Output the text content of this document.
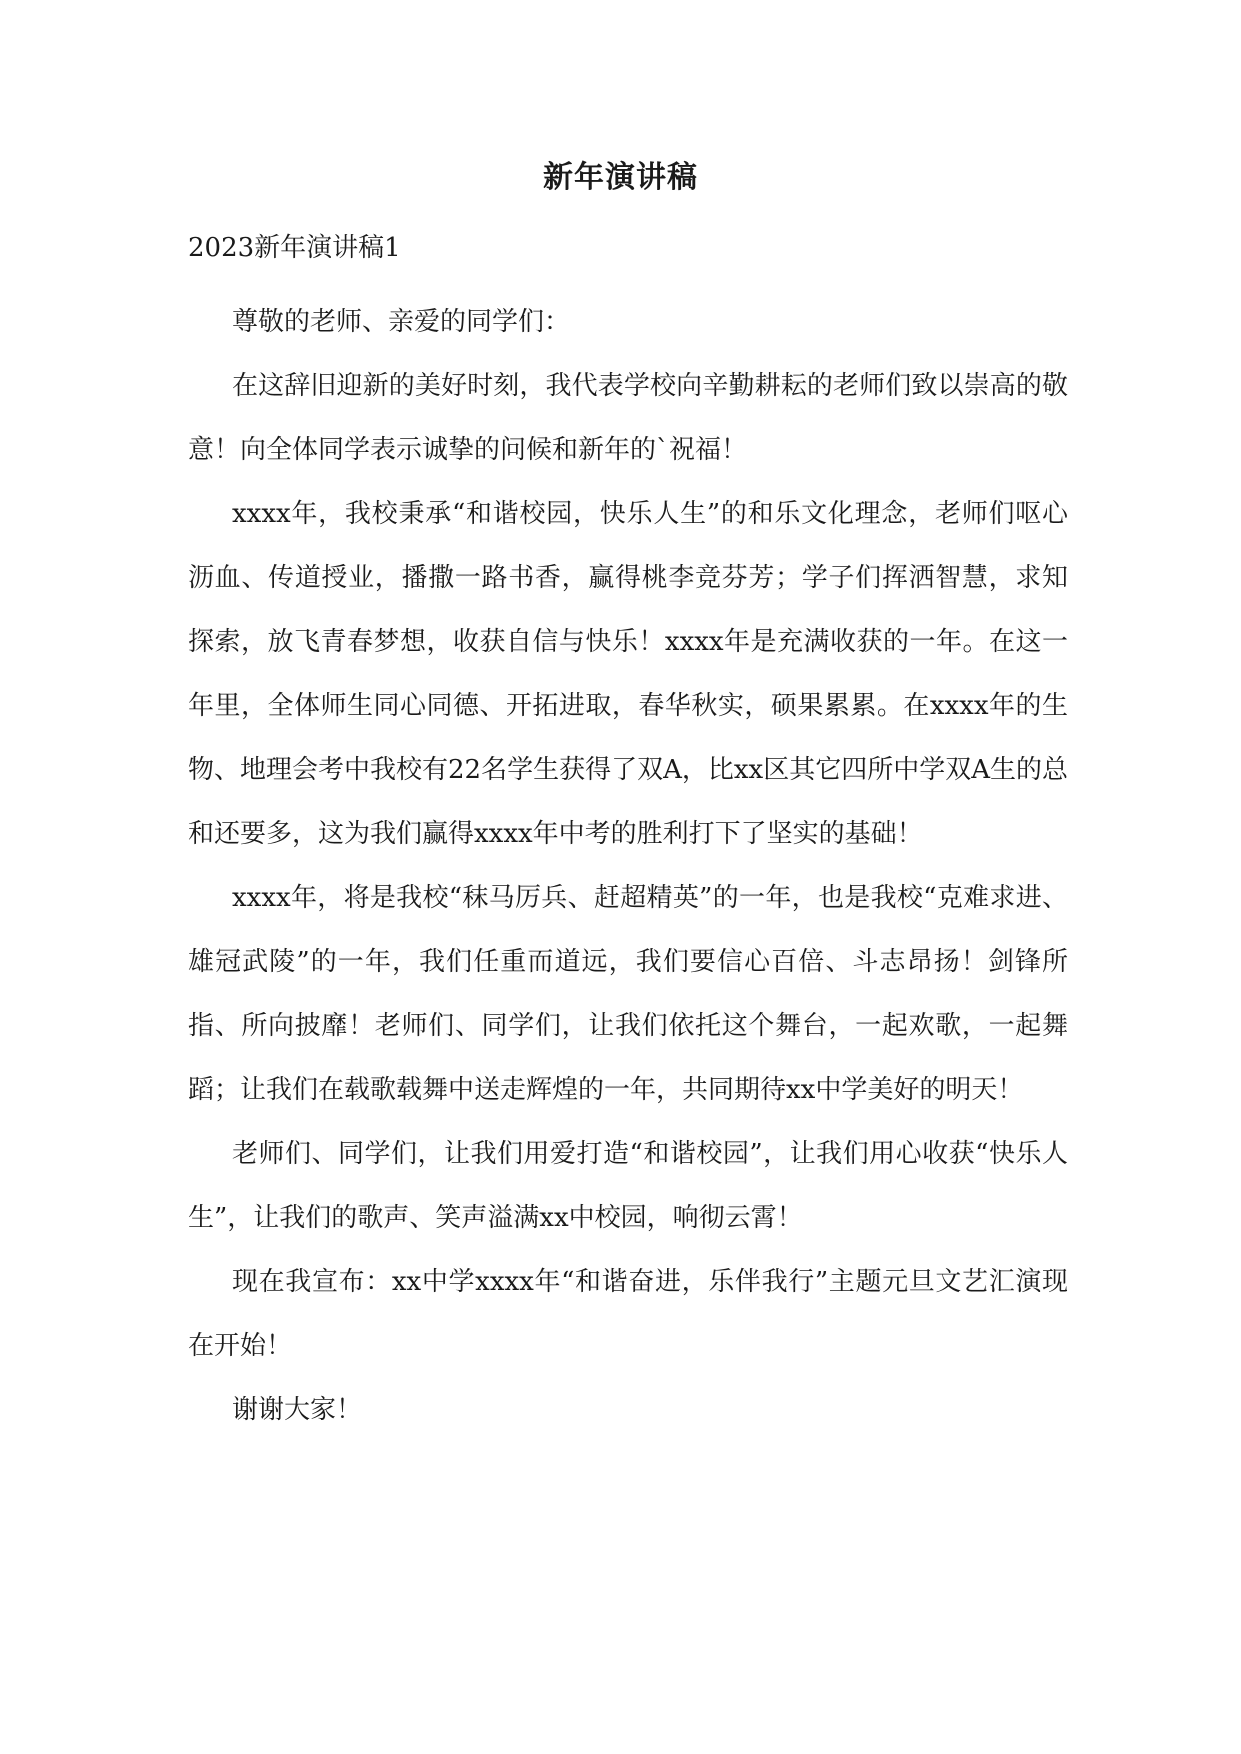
新年演讲稿
2023新年演讲稿1

尊敬的老师、亲爱的同学们：

在这辞旧迎新的美好时刻，我代表学校向辛勤耕耘的老师们致以崇高的敬意！向全体同学表示诚挚的问候和新年的`祝福！

xxxx年，我校秉承“和谐校园，快乐人生”的和乐文化理念，老师们呕心沥血、传道授业，播撒一路书香，赢得桃李竞芬芳；学子们挥洒智慧，求知探索，放飞青春梦想，收获自信与快乐！xxxx年是充满收获的一年。在这一年里，全体师生同心同德、开拓进取，春华秋实，硕果累累。在xxxx年的生物、地理会考中我校有22名学生获得了双A，比xx区其它四所中学双A生的总和还要多，这为我们赢得xxxx年中考的胜利打下了坚实的基础！

xxxx年，将是我校“秣马厉兵、赶超精英”的一年，也是我校“克难求进、雄冠武陵”的一年，我们任重而道远，我们要信心百倍、斗志昂扬！剑锋所指、所向披靡！老师们、同学们，让我们依托这个舞台，一起欢歌，一起舞蹈；让我们在载歌载舞中送走辉煌的一年，共同期待xx中学美好的明天！

老师们、同学们，让我们用爱打造“和谐校园”，让我们用心收获“快乐人生”，让我们的歌声、笑声溢满xx中校园，响彻云霄！

现在我宣布：xx中学xxxx年“和谐奋进，乐伴我行”主题元旦文艺汇演现在开始！

谢谢大家！
